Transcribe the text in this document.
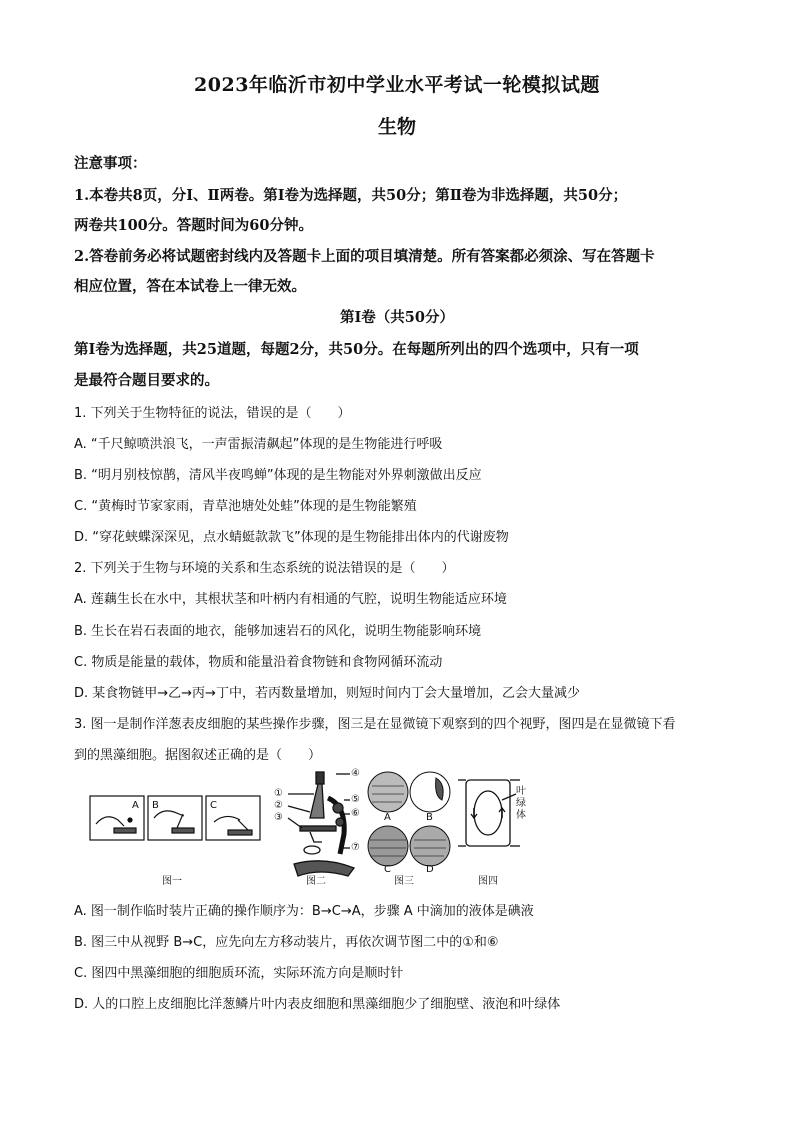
2023年临沂市初中学业水平考试一轮模拟试题
生物
注意事项：
1.本卷共8页，分Ⅰ、Ⅱ两卷。第Ⅰ卷为选择题，共50分；第Ⅱ卷为非选择题，共50分；
两卷共100分。答题时间为60分钟。
2.答卷前务必将试题密封线内及答题卡上面的项目填清楚。所有答案都必须涂、写在答题卡
相应位置，答在本试卷上一律无效。
第Ⅰ卷（共50分）
第Ⅰ卷为选择题，共25道题，每题2分，共50分。在每题所列出的四个选项中，只有一项
是最符合题目要求的。
1. 下列关于生物特征的说法，错误的是（　　）
A. “千尺鲸喷洪浪飞，一声雷振清飙起”体现的是生物能进行呼吸
B. “明月别枝惊鹊，清风半夜鸣蝉”体现的是生物能对外界刺激做出反应
C. “黄梅时节家家雨，青草池塘处处蛙”体现的是生物能繁殖
D. “穿花蛱蝶深深见，点水蜻蜓款款飞”体现的是生物能排出体内的代谢废物
2. 下列关于生物与环境的关系和生态系统的说法错误的是（　　）
A. 莲藕生长在水中，其根状茎和叶柄内有相通的气腔，说明生物能适应环境
B. 生长在岩石表面的地衣，能够加速岩石的风化，说明生物能影响环境
C. 物质是能量的载体，物质和能量沿着食物链和食物网循环流动
D. 某食物链甲→乙→丙→丁中，若丙数量增加，则短时间内丁会大量增加，乙会大量减少
3. 图一是制作洋葱表皮细胞的某些操作步骤，图三是在显微镜下观察到的四个视野，图四是在显微镜下看
到的黑藻细胞。据图叙述正确的是（　　）
图一	图二	图三	图四
A B	C
①
②
③
④
⑤
⑥
⑦
A	B
C	D
叶
绿
体
A. 图一制作临时装片正确的操作顺序为：B→C→A，步骤 A 中滴加的液体是碘液
B. 图三中从视野 B→C，应先向左方移动装片，再依次调节图二中的①和⑥
C. 图四中黑藻细胞的细胞质环流，实际环流方向是顺时针
D. 人的口腔上皮细胞比洋葱鳞片叶内表皮细胞和黑藻细胞少了细胞壁、液泡和叶绿体
